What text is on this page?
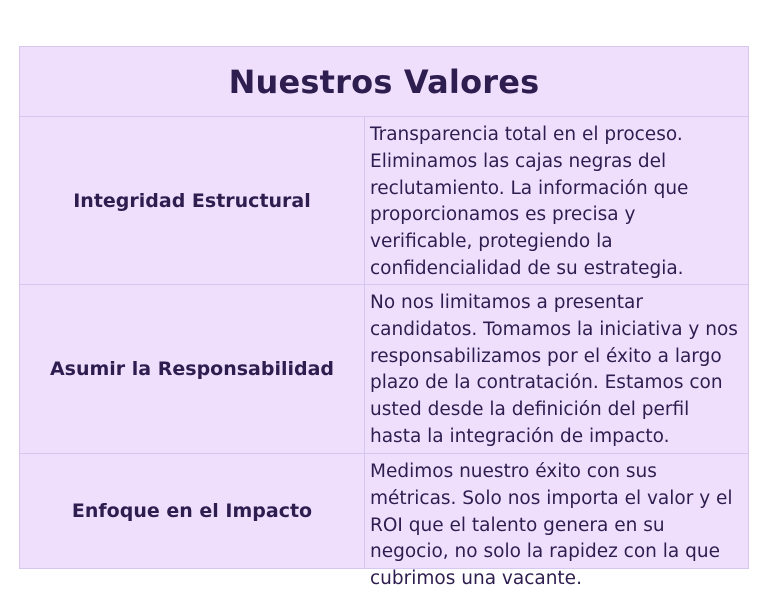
Nuestros Valores
Integridad Estructural
Transparencia total en el proceso. Eliminamos las cajas negras del reclutamiento. La información que proporcionamos es precisa y verificable, protegiendo la confidencialidad de su estrategia.
Asumir la Responsabilidad
No nos limitamos a presentar candidatos. Tomamos la iniciativa y nos responsabilizamos por el éxito a largo plazo de la contratación. Estamos con usted desde la definición del perfil hasta la integración de impacto.
Enfoque en el Impacto
Medimos nuestro éxito con sus métricas. Solo nos importa el valor y el ROI que el talento genera en su negocio, no solo la rapidez con la que cubrimos una vacante.
